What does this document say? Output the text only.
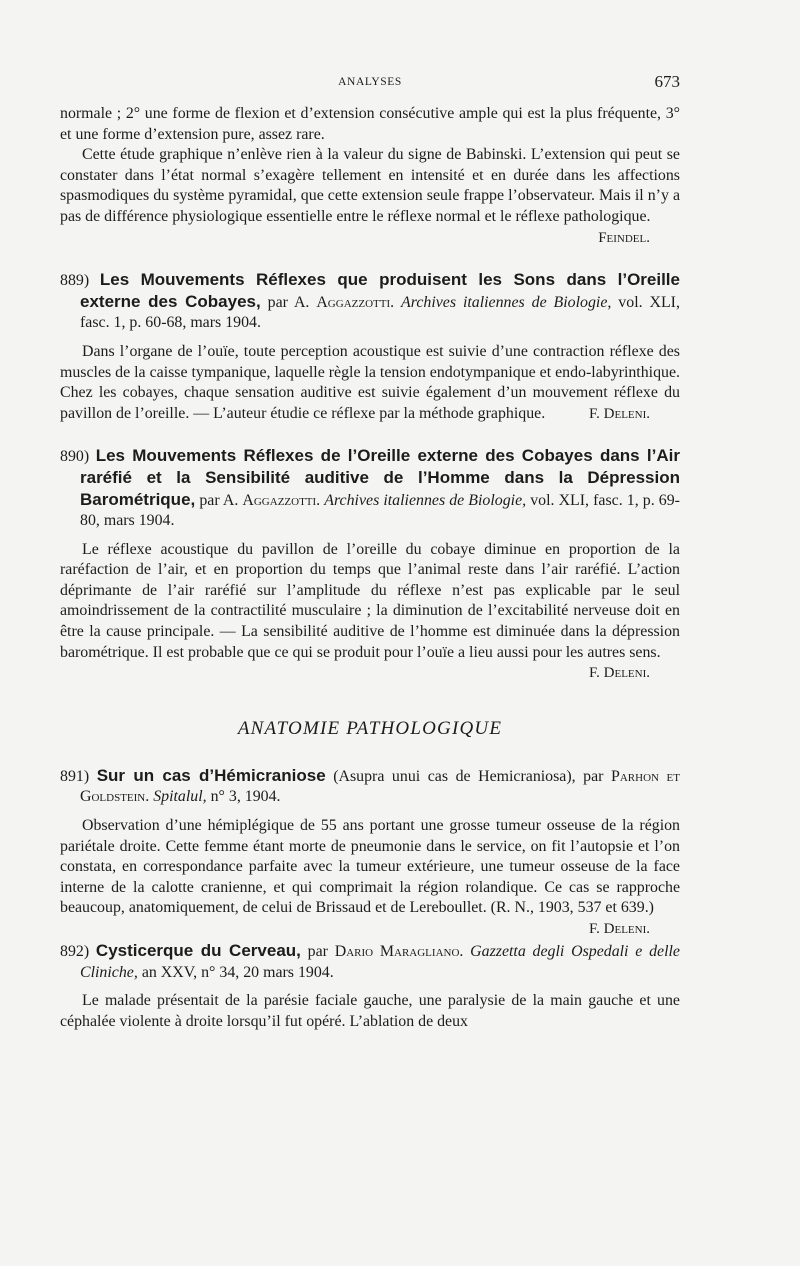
ANALYSES	673

normale ; 2° une forme de flexion et d’extension consécutive ample qui est la plus fréquente, 3° et une forme d’extension pure, assez rare.

Cette étude graphique n’enlève rien à la valeur du signe de Babinski. L’extension qui peut se constater dans l’état normal s’exagère tellement en intensité et en durée dans les affections spasmodiques du système pyramidal, que cette extension seule frappe l’observateur. Mais il n’y a pas de différence physiologique essentielle entre le réflexe normal et le réflexe pathologique.

Feindel.

889) Les Mouvements Réflexes que produisent les Sons dans l’Oreille externe des Cobayes, par A. Aggazzotti. Archives italiennes de Biologie, vol. XLI, fasc. 1, p. 60-68, mars 1904.

Dans l’organe de l’ouïe, toute perception acoustique est suivie d’une contraction réflexe des muscles de la caisse tympanique, laquelle règle la tension endotympanique et endo-labyrinthique. Chez les cobayes, chaque sensation auditive est suivie également d’un mouvement réflexe du pavillon de l’oreille. — L’auteur étudie ce réflexe par la méthode graphique.	F. Deleni.

890) Les Mouvements Réflexes de l’Oreille externe des Cobayes dans l’Air raréfié et la Sensibilité auditive de l’Homme dans la Dépression Barométrique, par A. Aggazzotti. Archives italiennes de Biologie, vol. XLI, fasc. 1, p. 69-80, mars 1904.

Le réflexe acoustique du pavillon de l’oreille du cobaye diminue en proportion de la raréfaction de l’air, et en proportion du temps que l’animal reste dans l’air raréfié. L’action déprimante de l’air raréfié sur l’amplitude du réflexe n’est pas explicable par le seul amoindrissement de la contractilité musculaire ; la diminution de l’excitabilité nerveuse doit en être la cause principale. — La sensibilité auditive de l’homme est diminuée dans la dépression barométrique. Il est probable que ce qui se produit pour l’ouïe a lieu aussi pour les autres sens.
F. Deleni.

ANATOMIE PATHOLOGIQUE

891) Sur un cas d’Hémicraniose (Asupra unui cas de Hemicraniosa), par Parhon et Goldstein. Spitalul, n° 3, 1904.

Observation d’une hémiplégique de 55 ans portant une grosse tumeur osseuse de la région pariétale droite. Cette femme étant morte de pneumonie dans le service, on fit l’autopsie et l’on constata, en correspondance parfaite avec la tumeur extérieure, une tumeur osseuse de la face interne de la calotte cranienne, et qui comprimait la région rolandique. Ce cas se rapproche beaucoup, anatomiquement, de celui de Brissaud et de Lereboullet. (R. N., 1903, 537 et 639.)
F. Deleni.

892) Cysticerque du Cerveau, par Dario Maragliano. Gazzetta degli Ospedali e delle Cliniche, an XXV, n° 34, 20 mars 1904.

Le malade présentait de la parésie faciale gauche, une paralysie de la main gauche et une céphalée violente à droite lorsqu’il fut opéré. L’ablation de deux
